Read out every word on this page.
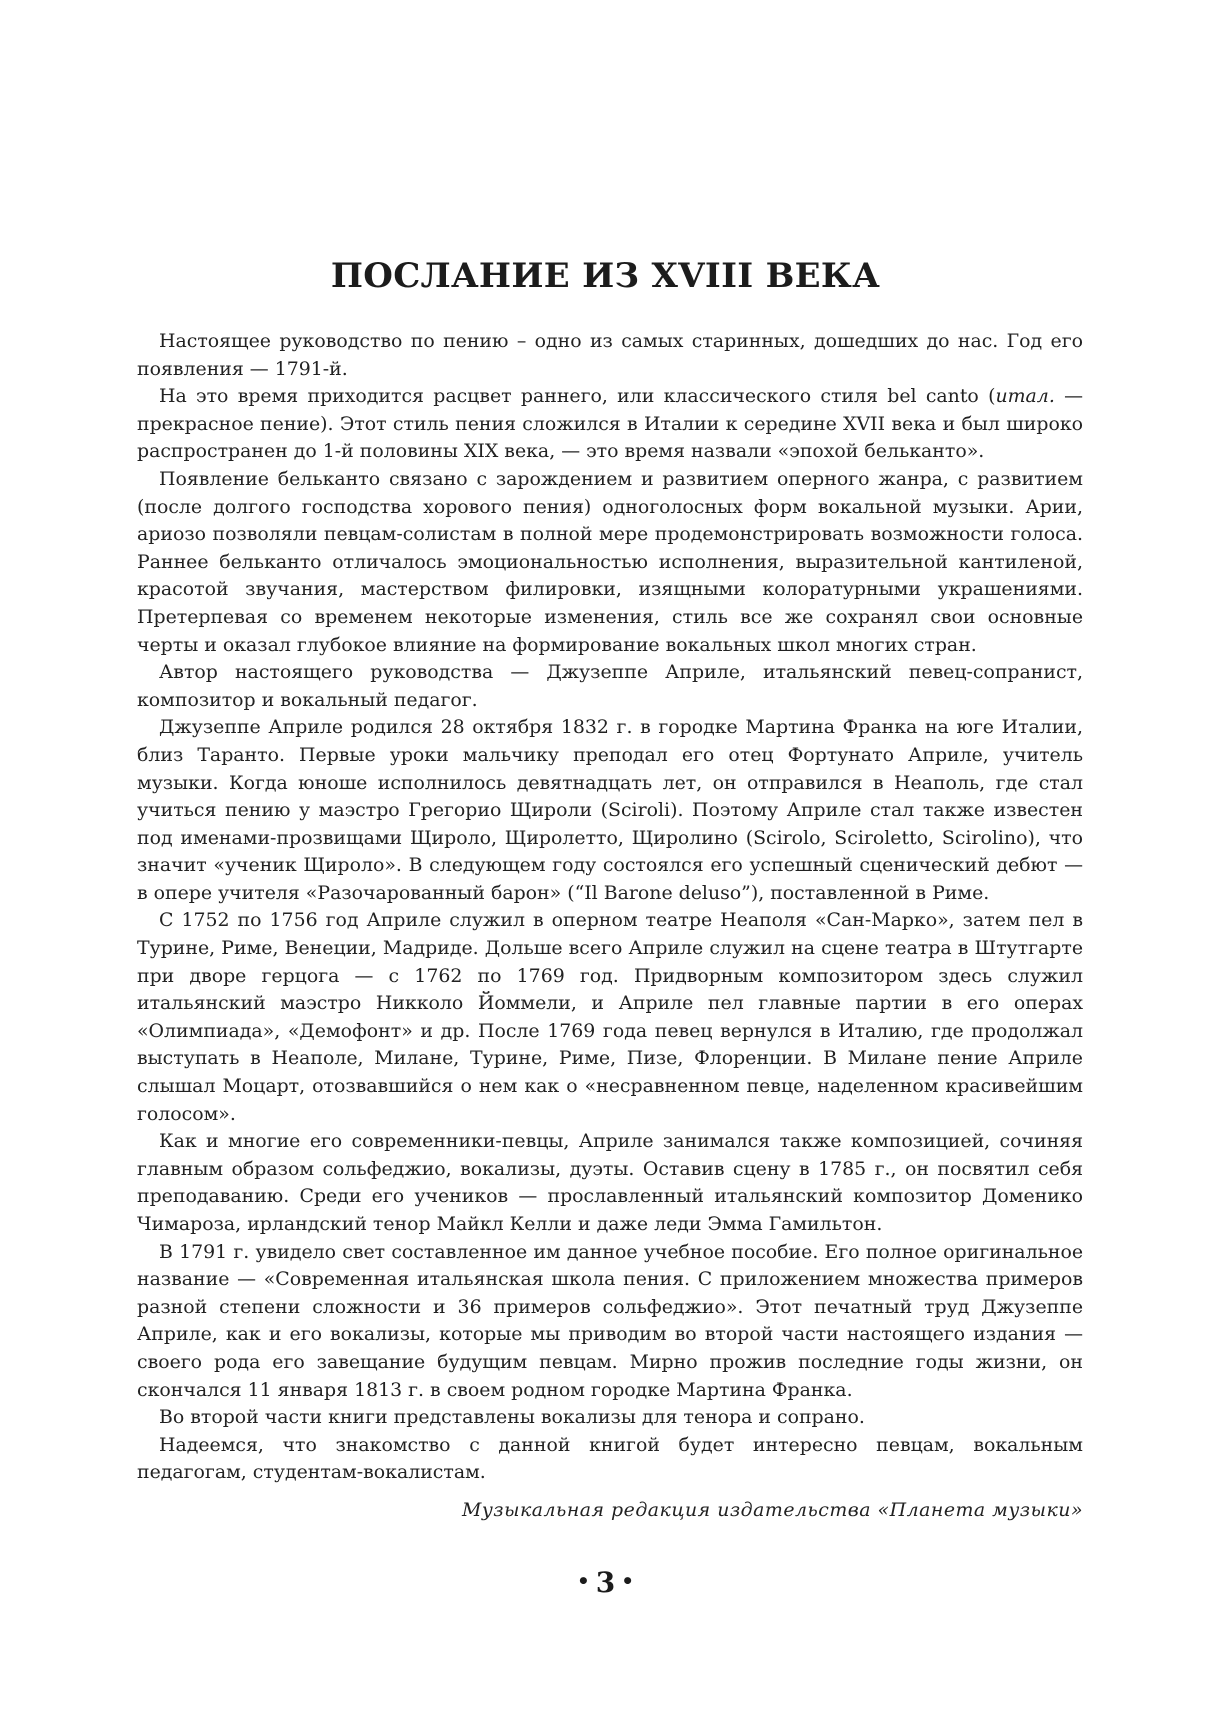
ПОСЛАНИЕ ИЗ XVIII ВЕКА

Настоящее руководство по пению – одно из самых старинных, дошедших до нас. Год его появления — 1791-й.

На это время приходится расцвет раннего, или классического стиля bel canto (итал. — прекрасное пение). Этот стиль пения сложился в Италии к середине XVII века и был широко распространен до 1-й половины XIX века, — это время назвали «эпохой бельканто».

Появление бельканто связано с зарождением и развитием оперного жанра, с развитием (после долгого господства хорового пения) одноголосных форм вокальной музыки. Арии, ариозо позволяли певцам-солистам в полной мере продемонстрировать возможности голоса. Раннее бельканто отличалось эмоциональностью исполнения, выразительной кантиленой, красотой звучания, мастерством филировки, изящными колоратурными украшениями. Претерпевая со временем некоторые изменения, стиль все же сохранял свои основные черты и оказал глубокое влияние на формирование вокальных школ многих стран.

Автор настоящего руководства — Джузеппе Априле, итальянский певец-сопранист, композитор и вокальный педагог.

Джузеппе Априле родился 28 октября 1832 г. в городке Мартина Франка на юге Италии, близ Таранто. Первые уроки мальчику преподал его отец Фортунато Априле, учитель музыки. Когда юноше исполнилось девятнадцать лет, он отправился в Неаполь, где стал учиться пению у маэстро Грегорио Щироли (Sciroli). Поэтому Априле стал также известен под именами-прозвищами Щироло, Щиролетто, Щиролино (Scirolo, Sciroletto, Scirolino), что значит «ученик Щироло». В следующем году состоялся его успешный сценический дебют — в опере учителя «Разочарованный барон» (“Il Barone deluso”), поставленной в Риме.

С 1752 по 1756 год Априле служил в оперном театре Неаполя «Сан-Марко», затем пел в Турине, Риме, Венеции, Мадриде. Дольше всего Априле служил на сцене театра в Штутгарте при дворе герцога — с 1762 по 1769 год. Придворным композитором здесь служил итальянский маэстро Никколо Йоммели, и Априле пел главные партии в его операх «Олимпиада», «Демофонт» и др. После 1769 года певец вернулся в Италию, где продолжал выступать в Неаполе, Милане, Турине, Риме, Пизе, Флоренции. В Милане пение Априле слышал Моцарт, отозвавшийся о нем как о «несравненном певце, наделенном красивейшим голосом».

Как и многие его современники-певцы, Априле занимался также композицией, сочиняя главным образом сольфеджио, вокализы, дуэты. Оставив сцену в 1785 г., он посвятил себя преподаванию. Среди его учеников — прославленный итальянский композитор Доменико Чимароза, ирландский тенор Майкл Келли и даже леди Эмма Гамильтон.

В 1791 г. увидело свет составленное им данное учебное пособие. Его полное оригинальное название — «Современная итальянская школа пения. С приложением множества примеров разной степени сложности и 36 примеров сольфеджио». Этот печатный труд Джузеппе Априле, как и его вокализы, которые мы приводим во второй части настоящего издания — своего рода его завещание будущим певцам. Мирно прожив последние годы жизни, он скончался 11 января 1813 г. в своем родном городке Мартина Франка.

Во второй части книги представлены вокализы для тенора и сопрано.

Надеемся, что знакомство с данной книгой будет интересно певцам, вокальным педагогам, студентам-вокалистам.

Музыкальная редакция издательства «Планета музыки»

• 3 •
